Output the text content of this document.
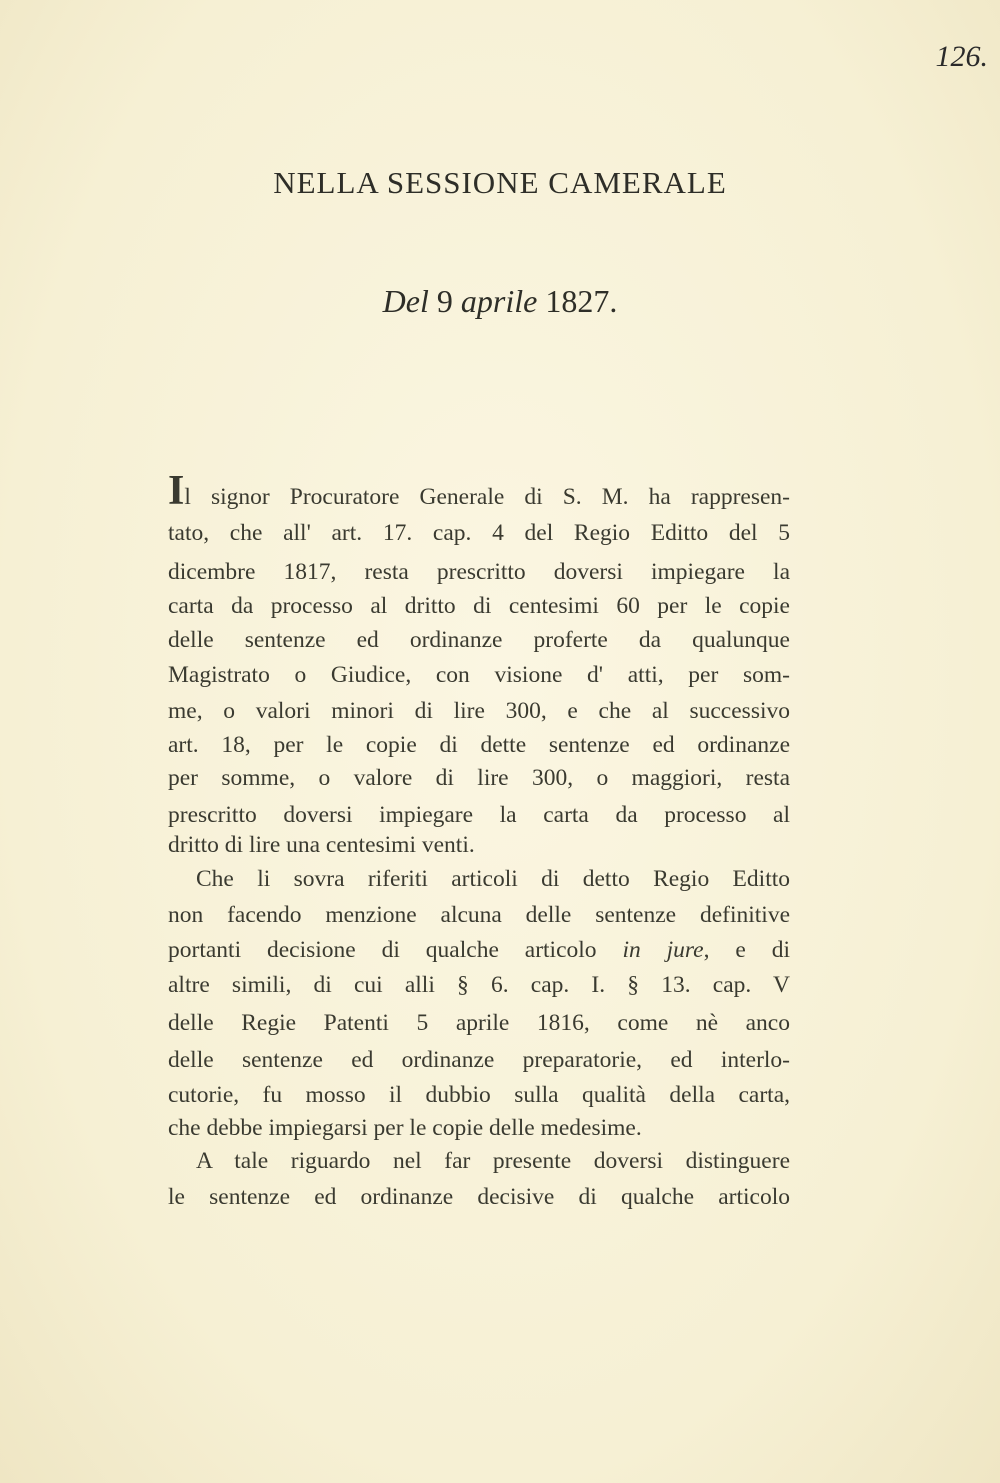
126.
NELLA SESSIONE CAMERALE
Del 9 aprile 1827.
Il signor Procuratore Generale di S. M. ha rappresen-
tato, che all' art. 17. cap. 4 del Regio Editto del 5
dicembre 1817, resta prescritto doversi impiegare la
carta da processo al dritto di centesimi 60 per le copie
delle sentenze ed ordinanze proferte da qualunque
Magistrato o Giudice, con visione d' atti, per som-
me, o valori minori di lire 300, e che al successivo
art. 18, per le copie di dette sentenze ed ordinanze
per somme, o valore di lire 300, o maggiori, resta
prescritto doversi impiegare la carta da processo al
dritto di lire una centesimi venti.
Che li sovra riferiti articoli di detto Regio Editto
non facendo menzione alcuna delle sentenze definitive
portanti decisione di qualche articolo in jure, e di
altre simili, di cui alli § 6. cap. I. § 13. cap. V
delle Regie Patenti 5 aprile 1816, come nè anco
delle sentenze ed ordinanze preparatorie, ed interlo-
cutorie, fu mosso il dubbio sulla qualità della carta,
che debbe impiegarsi per le copie delle medesime.
A tale riguardo nel far presente doversi distinguere
le sentenze ed ordinanze decisive di qualche articolo
